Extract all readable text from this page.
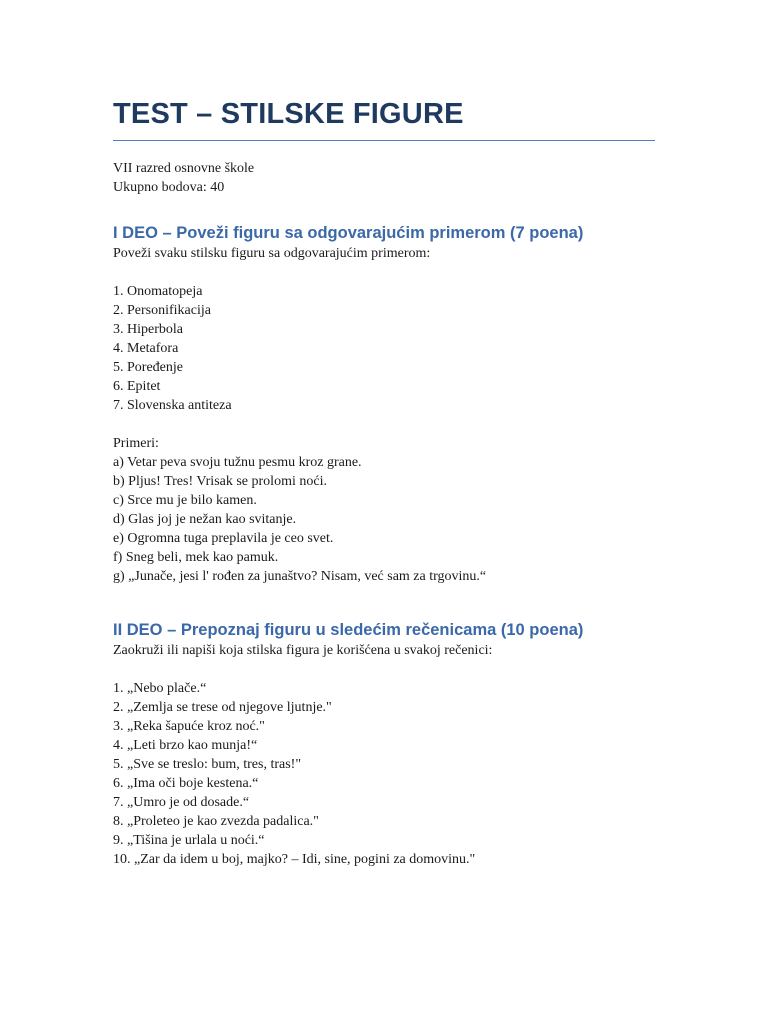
TEST – STILSKE FIGURE
VII razred osnovne škole
Ukupno bodova: 40
I DEO – Poveži figuru sa odgovarajućim primerom (7 poena)
Poveži svaku stilsku figuru sa odgovarajućim primerom:
1. Onomatopeja
2. Personifikacija
3. Hiperbola
4. Metafora
5. Poređenje
6. Epitet
7. Slovenska antiteza
Primeri:
a) Vetar peva svoju tužnu pesmu kroz grane.
b) Pljus! Tres! Vrisak se prolomi noći.
c) Srce mu je bilo kamen.
d) Glas joj je nežan kao svitanje.
e) Ogromna tuga preplavila je ceo svet.
f) Sneg beli, mek kao pamuk.
g) „Junače, jesi l' rođen za junaštvo? Nisam, već sam za trgovinu.“
II DEO – Prepoznaj figuru u sledećim rečenicama (10 poena)
Zaokruži ili napiši koja stilska figura je korišćena u svakoj rečenici:
1. „Nebo plače.“
2. „Zemlja se trese od njegove ljutnje."
3. „Reka šapuće kroz noć."
4. „Leti brzo kao munja!“
5. „Sve se treslo: bum, tres, tras!"
6. „Ima oči boje kestena.“
7. „Umro je od dosade.“
8. „Proleteo je kao zvezda padalica."
9. „Tišina je urlala u noći.“
10. „Zar da idem u boj, majko? – Idi, sine, pogini za domovinu."
